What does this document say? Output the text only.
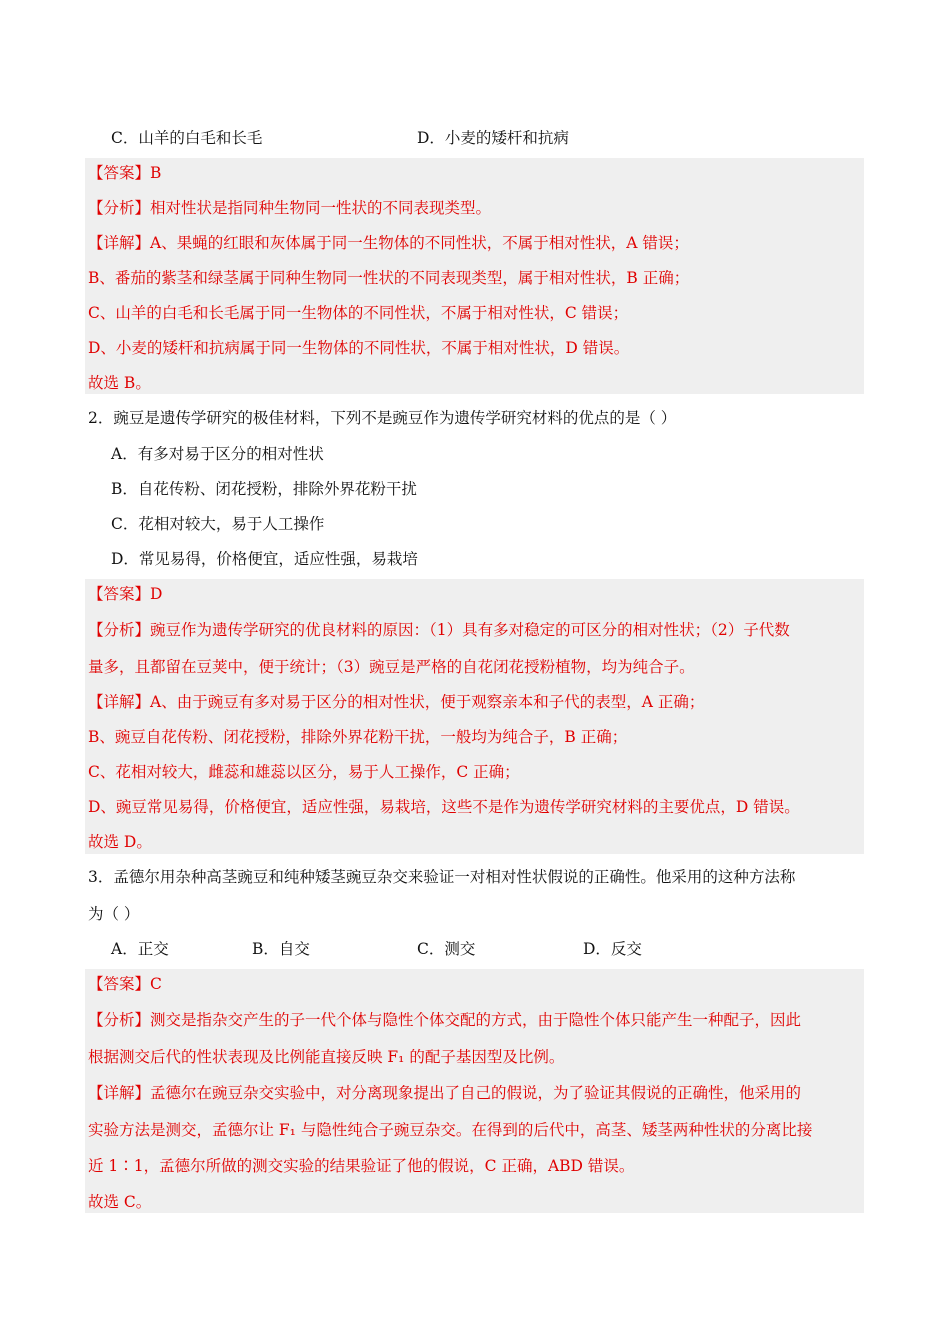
C．山羊的白毛和长毛	D．小麦的矮杆和抗病
【答案】B
【分析】相对性状是指同种生物同一性状的不同表现类型。
【详解】A、果蝇的红眼和灰体属于同一生物体的不同性状，不属于相对性状，A 错误；
B、番茄的紫茎和绿茎属于同种生物同一性状的不同表现类型，属于相对性状，B 正确；
C、山羊的白毛和长毛属于同一生物体的不同性状，不属于相对性状，C 错误；
D、小麦的矮杆和抗病属于同一生物体的不同性状，不属于相对性状，D 错误。
故选 B。
2．豌豆是遗传学研究的极佳材料，下列不是豌豆作为遗传学研究材料的优点的是（ ）
A．有多对易于区分的相对性状
B．自花传粉、闭花授粉，排除外界花粉干扰
C．花相对较大，易于人工操作
D．常见易得，价格便宜，适应性强，易栽培
【答案】D
【分析】豌豆作为遗传学研究的优良材料的原因：（1）具有多对稳定的可区分的相对性状；（2）子代数
量多，且都留在豆荚中，便于统计；（3）豌豆是严格的自花闭花授粉植物，均为纯合子。
【详解】A、由于豌豆有多对易于区分的相对性状，便于观察亲本和子代的表型，A 正确；
B、豌豆自花传粉、闭花授粉，排除外界花粉干扰，一般均为纯合子，B 正确；
C、花相对较大，雌蕊和雄蕊以区分，易于人工操作，C 正确；
D、豌豆常见易得，价格便宜，适应性强，易栽培，这些不是作为遗传学研究材料的主要优点，D 错误。
故选 D。
3．孟德尔用杂种高茎豌豆和纯种矮茎豌豆杂交来验证一对相对性状假说的正确性。他采用的这种方法称
为（ ）
A．正交	B．自交	C．测交	D．反交
【答案】C
【分析】测交是指杂交产生的子一代个体与隐性个体交配的方式，由于隐性个体只能产生一种配子，因此
根据测交后代的性状表现及比例能直接反映 F₁ 的配子基因型及比例。
【详解】孟德尔在豌豆杂交实验中，对分离现象提出了自己的假说，为了验证其假说的正确性，他采用的
实验方法是测交，孟德尔让 F₁ 与隐性纯合子豌豆杂交。在得到的后代中，高茎、矮茎两种性状的分离比接
近 1∶1，孟德尔所做的测交实验的结果验证了他的假说，C 正确，ABD 错误。
故选 C。
